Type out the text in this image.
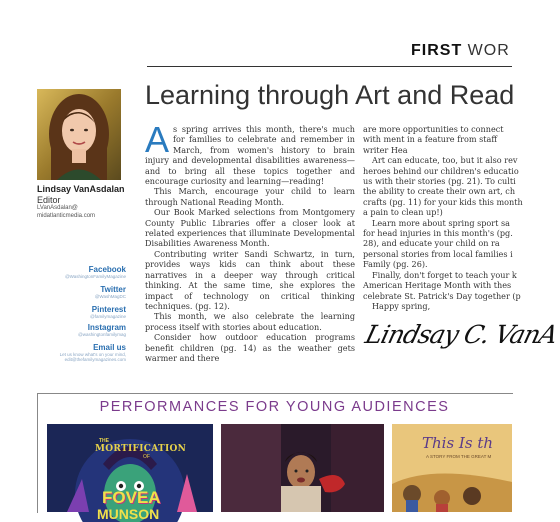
FIRST WOR
Learning through Art and Read
Lindsay VanAsdalan
Editor
LVanAsdalan@
midatlanticmedia.com
Facebook
@WashingtonFamilyMagazine
Twitter
@WashMagDC
Pinterest
@familymagazine
Instagram
@washingtonfamilymag
Email us
Let us know what's on your mind,
edit@thefamilymagazines.com
A s spring arrives this month, there's much for families to celebrate and remember in March, from women's history to brain injury and developmental disabilities awareness—and to bring all these topics together and encourage curiosity and learning—reading!

This March, encourage your child to learn through National Reading Month.

Our Book Marked selections from Montgomery County Public Libraries offer a closer look at related experiences that illuminate Developmental Disabilities Awareness Month.

Contributing writer Sandi Schwartz, in turn, provides ways kids can think about these narratives in a deeper way through critical thinking. At the same time, she explores the impact of technology on critical thinking techniques. (pg. 12).

This month, we also celebrate the learning process itself with stories about education.

Consider how outdoor education programs benefit children (pg. 14) as the weather gets warmer and there

are more opportunities to connect with ment in a feature from staff writer Hea

Art can educate, too, but it also rev heroes behind our children's educatio us with their stories (pg. 21). To culti the ability to create their own art, ch crafts (pg. 11) for your kids this month a pain to clean up!)

Learn more about spring sport sa for head injuries in this month's (pg. 28), and educate your child on ra personal stories from local families i Family (pg. 26).

Finally, don't forget to teach your k American Heritage Month with thes celebrate St. Patrick's Day together (p

Happy spring,

Lindsay C. VanA
PERFORMANCES FOR YOUNG AUDIENCES
THE
MORTIFICATION
OF
FOVEA
MUNSON
This Is th
A STORY FROM THE GREAT M
